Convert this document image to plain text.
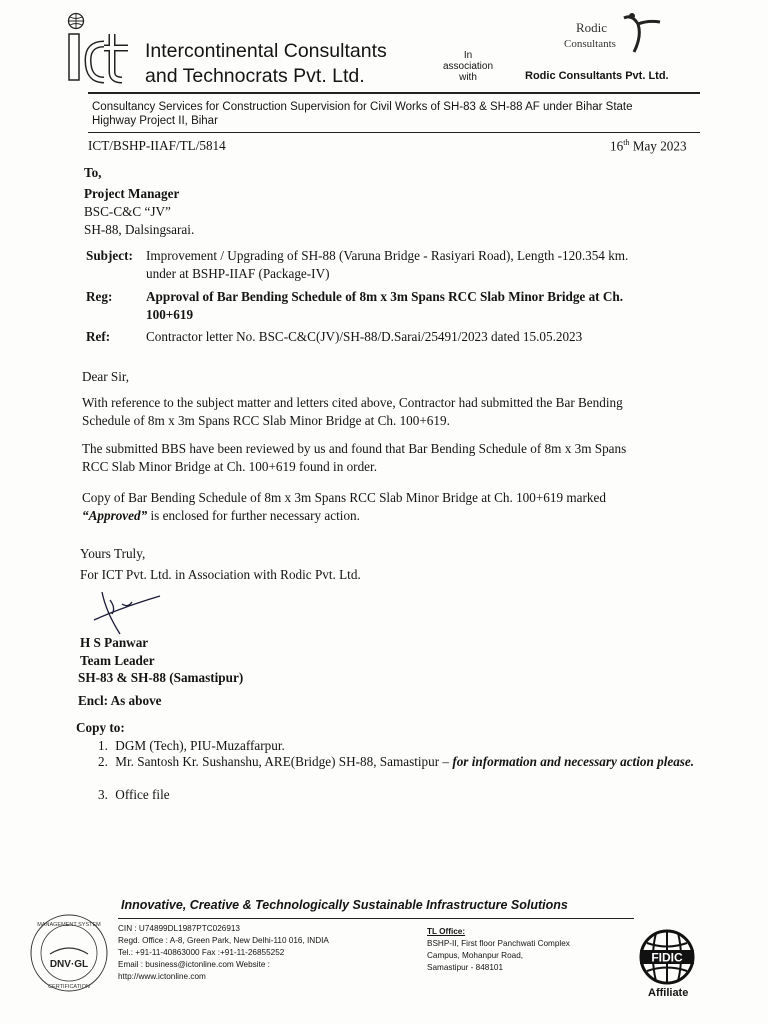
Intercontinental Consultants
and Technocrats Pvt. Ltd.
In
association
with
Rodic
Consultants
Rodic Consultants Pvt. Ltd.
Consultancy Services for Construction Supervision for Civil Works of SH-83 & SH-88 AF under Bihar State
Highway Project II, Bihar
ICT/BSHP-IIAF/TL/5814	16th May 2023
To,
Project Manager
BSC-C&C “JV”
SH-88, Dalsingsarai.
Subject: Improvement / Upgrading of SH-88 (Varuna Bridge - Rasiyari Road), Length -120.354 km.
under at BSHP-IIAF (Package-IV)
Reg:	Approval of Bar Bending Schedule of 8m x 3m Spans RCC Slab Minor Bridge at Ch.
100+619
Ref:	Contractor letter No. BSC-C&C(JV)/SH-88/D.Sarai/25491/2023 dated 15.05.2023
Dear Sir,
With reference to the subject matter and letters cited above, Contractor had submitted the Bar Bending
Schedule of 8m x 3m Spans RCC Slab Minor Bridge at Ch. 100+619.
The submitted BBS have been reviewed by us and found that Bar Bending Schedule of 8m x 3m Spans
RCC Slab Minor Bridge at Ch. 100+619 found in order.
Copy of Bar Bending Schedule of 8m x 3m Spans RCC Slab Minor Bridge at Ch. 100+619 marked
“Approved” is enclosed for further necessary action.
Yours Truly,
For ICT Pvt. Ltd. in Association with Rodic Pvt. Ltd.
H S Panwar
Team Leader
SH-83 & SH-88 (Samastipur)
Encl: As above
Copy to:
1. DGM (Tech), PIU-Muzaffarpur.
2. Mr. Santosh Kr. Sushanshu, ARE(Bridge) SH-88, Samastipur – for information and necessary action please.
3. Office file
Innovative, Creative & Technologically Sustainable Infrastructure Solutions
CIN : U74899DL1987PTC026913
Regd. Office : A-8, Green Park, New Delhi-110 016, INDIA
Tel.: +91-11-40863000 Fax :+91-11-26855252
Email : business@ictonline.com Website :
http://www.ictonline.com
TL Office:
BSHP-II, First floor Panchwati Complex
Campus, Mohanpur Road,
Samastipur - 848101
DNV·GL
MANAGEMENT SYSTEM
CERTIFICATION
FIDIC
Affiliate
